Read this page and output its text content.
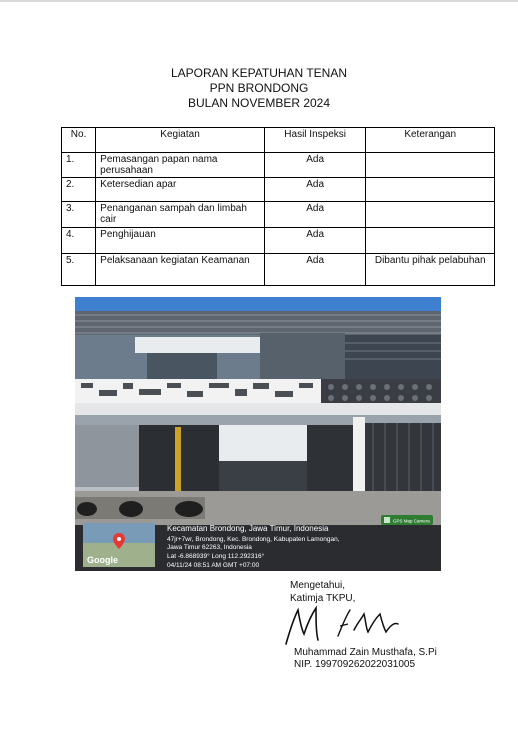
LAPORAN KEPATUHAN TENAN
PPN BRONDONG
BULAN NOVEMBER 2024
No.	Kegiatan	Hasil Inspeksi	Keterangan
1.	Pemasangan papan nama perusahaan	Ada	
2.	Ketersedian apar	Ada	
3.	Penanganan sampah dan limbah cair	Ada	
4.	Penghijauan	Ada	
5.	Pelaksanaan kegiatan Keamanan	Ada	Dibantu pihak pelabuhan
Google
Kecamatan Brondong, Jawa Timur, Indonesia
47jr+7wr, Brondong, Kec. Brondong, Kabupaten Lamongan,
Jawa Timur 62263, Indonesia
Lat -6.868939° Long 112.292316°
04/11/24 08:51 AM GMT +07:00
GPS Map Camera
Mengetahui,
Katimja TKPU,
Muhammad Zain Musthafa, S.Pi
NIP. 199709262022031005
